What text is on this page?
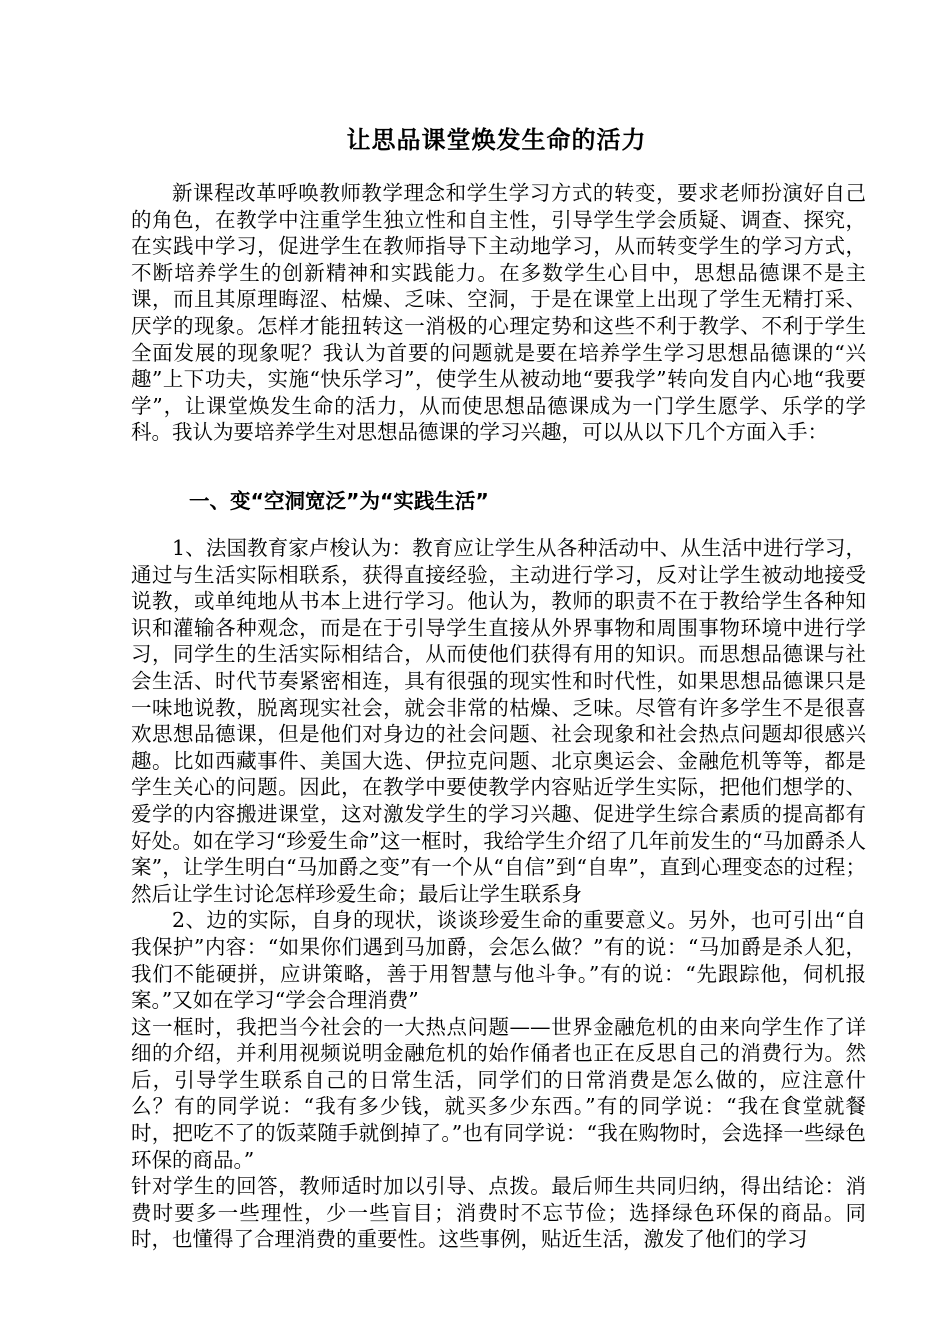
让思品课堂焕发生命的活力

新课程改革呼唤教师教学理念和学生学习方式的转变，要求老师扮演好自己的角色，在教学中注重学生独立性和自主性，引导学生学会质疑、调查、探究，在实践中学习，促进学生在教师指导下主动地学习，从而转变学生的学习方式，不断培养学生的创新精神和实践能力。在多数学生心目中，思想品德课不是主课，而且其原理晦涩、枯燥、乏味、空洞，于是在课堂上出现了学生无精打采、厌学的现象。怎样才能扭转这一消极的心理定势和这些不利于教学、不利于学生全面发展的现象呢？我认为首要的问题就是要在培养学生学习思想品德课的“兴趣”上下功夫，实施“快乐学习”，使学生从被动地“要我学”转向发自内心地“我要学”，让课堂焕发生命的活力，从而使思想品德课成为一门学生愿学、乐学的学科。我认为要培养学生对思想品德课的学习兴趣，可以从以下几个方面入手：

一、变“空洞宽泛”为“实践生活”

1、法国教育家卢梭认为：教育应让学生从各种活动中、从生活中进行学习，通过与生活实际相联系，获得直接经验，主动进行学习，反对让学生被动地接受说教，或单纯地从书本上进行学习。他认为，教师的职责不在于教给学生各种知识和灌输各种观念，而是在于引导学生直接从外界事物和周围事物环境中进行学习，同学生的生活实际相结合，从而使他们获得有用的知识。而思想品德课与社会生活、时代节奏紧密相连，具有很强的现实性和时代性，如果思想品德课只是一味地说教，脱离现实社会，就会非常的枯燥、乏味。尽管有许多学生不是很喜欢思想品德课，但是他们对身边的社会问题、社会现象和社会热点问题却很感兴趣。比如西藏事件、美国大选、伊拉克问题、北京奥运会、金融危机等等，都是学生关心的问题。因此，在教学中要使教学内容贴近学生实际，把他们想学的、爱学的内容搬进课堂，这对激发学生的学习兴趣、促进学生综合素质的提高都有好处。如在学习“珍爱生命”这一框时，我给学生介绍了几年前发生的“马加爵杀人案”，让学生明白“马加爵之变”有一个从“自信”到“自卑”，直到心理变态的过程；然后让学生讨论怎样珍爱生命；最后让学生联系身

2、边的实际，自身的现状，谈谈珍爱生命的重要意义。另外，也可引出“自我保护”内容：“如果你们遇到马加爵，会怎么做？”有的说：“马加爵是杀人犯，我们不能硬拼，应讲策略，善于用智慧与他斗争。”有的说：“先跟踪他，伺机报案。”又如在学习“学会合理消费”

这一框时，我把当今社会的一大热点问题——世界金融危机的由来向学生作了详细的介绍，并利用视频说明金融危机的始作俑者也正在反思自己的消费行为。然后，引导学生联系自己的日常生活，同学们的日常消费是怎么做的，应注意什么？有的同学说：“我有多少钱，就买多少东西。”有的同学说：“我在食堂就餐时，把吃不了的饭菜随手就倒掉了。”也有同学说：“我在购物时，会选择一些绿色环保的商品。”

针对学生的回答，教师适时加以引导、点拨。最后师生共同归纳，得出结论：消费时要多一些理性，少一些盲目；消费时不忘节俭；选择绿色环保的商品。同时，也懂得了合理消费的重要性。这些事例，贴近生活，激发了他们的学习
